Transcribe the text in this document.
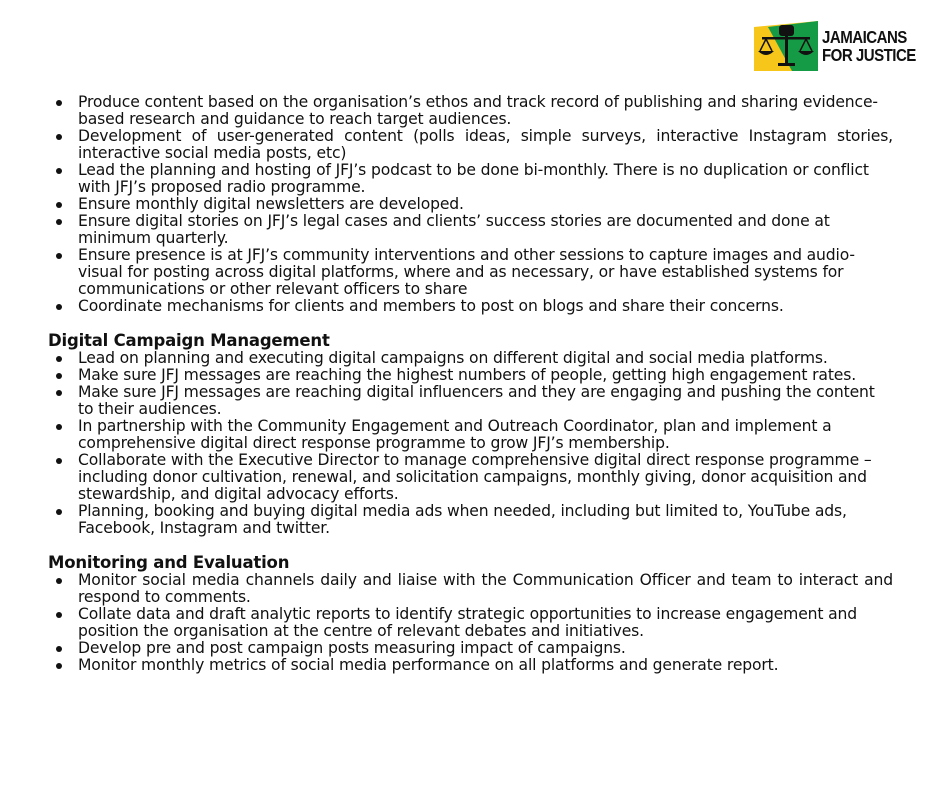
JAMAICANS
FOR JUSTICE
Produce content based on the organisation’s ethos and track record of publishing and sharing evidence-based research and guidance to reach target audiences.
Development of user-generated content (polls ideas, simple surveys, interactive Instagram stories, interactive social media posts, etc)
Lead the planning and hosting of JFJ’s podcast to be done bi-monthly. There is no duplication or conflict with JFJ’s proposed radio programme.
Ensure monthly digital newsletters are developed.
Ensure digital stories on JFJ’s legal cases and clients’ success stories are documented and done at minimum quarterly.
Ensure presence is at JFJ’s community interventions and other sessions to capture images and audio-visual for posting across digital platforms, where and as necessary, or have established systems for communications or other relevant officers to share
Coordinate mechanisms for clients and members to post on blogs and share their concerns.
Digital Campaign Management
Lead on planning and executing digital campaigns on different digital and social media platforms.
Make sure JFJ messages are reaching the highest numbers of people, getting high engagement rates.
Make sure JFJ messages are reaching digital influencers and they are engaging and pushing the content to their audiences.
In partnership with the Community Engagement and Outreach Coordinator, plan and implement a comprehensive digital direct response programme to grow JFJ’s membership.
Collaborate with the Executive Director to manage comprehensive digital direct response programme – including donor cultivation, renewal, and solicitation campaigns, monthly giving, donor acquisition and stewardship, and digital advocacy efforts.
Planning, booking and buying digital media ads when needed, including but limited to, YouTube ads, Facebook, Instagram and twitter.
Monitoring and Evaluation
Monitor social media channels daily and liaise with the Communication Officer and team to interact and respond to comments.
Collate data and draft analytic reports to identify strategic opportunities to increase engagement and position the organisation at the centre of relevant debates and initiatives.
Develop pre and post campaign posts measuring impact of campaigns.
Monitor monthly metrics of social media performance on all platforms and generate report.
